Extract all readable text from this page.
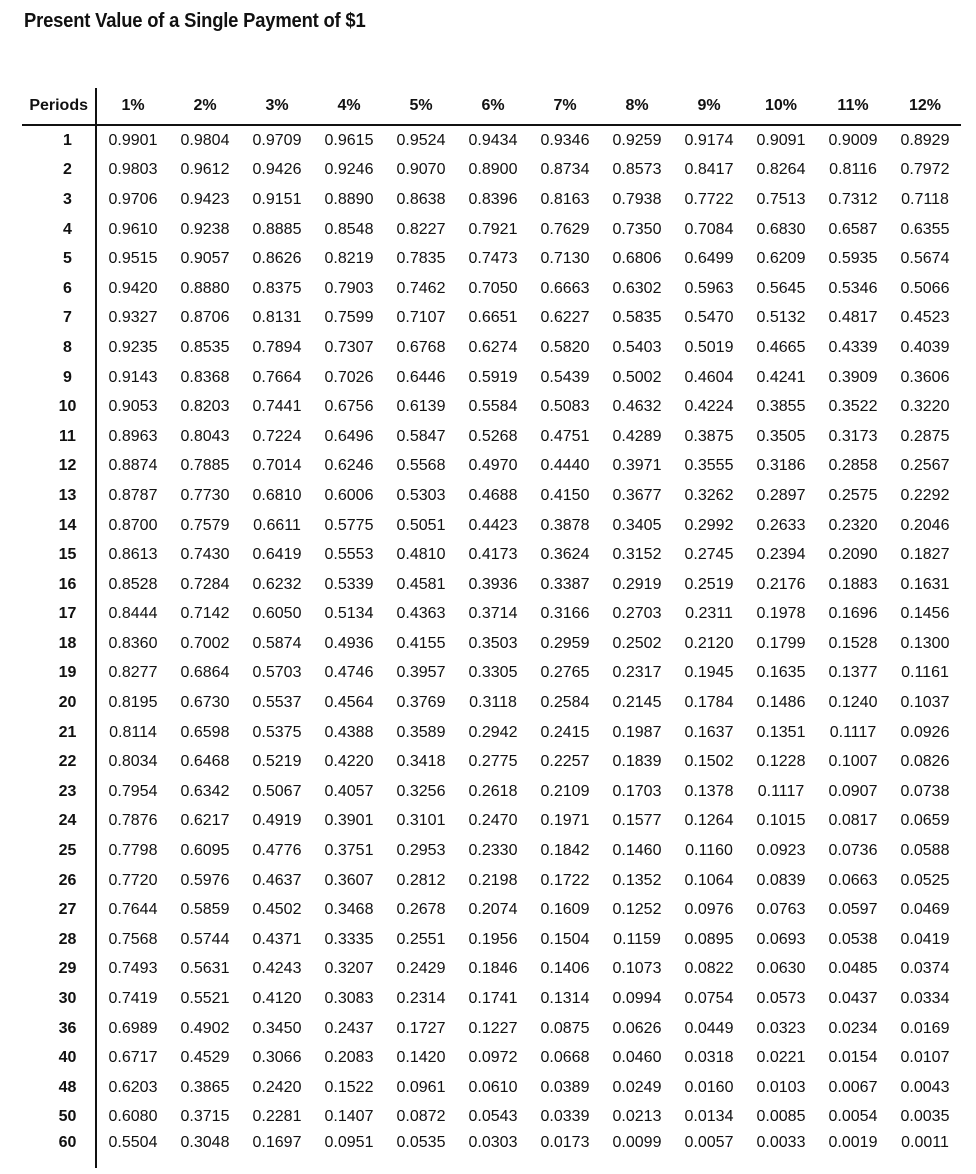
Present Value of a Single Payment of $1
Periods	1%	2%	3%	4%	5%	6%	7%	8%	9%	10%	11%	12%
1	0.9901	0.9804	0.9709	0.9615	0.9524	0.9434	0.9346	0.9259	0.9174	0.9091	0.9009	0.8929
2	0.9803	0.9612	0.9426	0.9246	0.9070	0.8900	0.8734	0.8573	0.8417	0.8264	0.8116	0.7972
3	0.9706	0.9423	0.9151	0.8890	0.8638	0.8396	0.8163	0.7938	0.7722	0.7513	0.7312	0.7118
4	0.9610	0.9238	0.8885	0.8548	0.8227	0.7921	0.7629	0.7350	0.7084	0.6830	0.6587	0.6355
5	0.9515	0.9057	0.8626	0.8219	0.7835	0.7473	0.7130	0.6806	0.6499	0.6209	0.5935	0.5674
6	0.9420	0.8880	0.8375	0.7903	0.7462	0.7050	0.6663	0.6302	0.5963	0.5645	0.5346	0.5066
7	0.9327	0.8706	0.8131	0.7599	0.7107	0.6651	0.6227	0.5835	0.5470	0.5132	0.4817	0.4523
8	0.9235	0.8535	0.7894	0.7307	0.6768	0.6274	0.5820	0.5403	0.5019	0.4665	0.4339	0.4039
9	0.9143	0.8368	0.7664	0.7026	0.6446	0.5919	0.5439	0.5002	0.4604	0.4241	0.3909	0.3606
10	0.9053	0.8203	0.7441	0.6756	0.6139	0.5584	0.5083	0.4632	0.4224	0.3855	0.3522	0.3220
11	0.8963	0.8043	0.7224	0.6496	0.5847	0.5268	0.4751	0.4289	0.3875	0.3505	0.3173	0.2875
12	0.8874	0.7885	0.7014	0.6246	0.5568	0.4970	0.4440	0.3971	0.3555	0.3186	0.2858	0.2567
13	0.8787	0.7730	0.6810	0.6006	0.5303	0.4688	0.4150	0.3677	0.3262	0.2897	0.2575	0.2292
14	0.8700	0.7579	0.6611	0.5775	0.5051	0.4423	0.3878	0.3405	0.2992	0.2633	0.2320	0.2046
15	0.8613	0.7430	0.6419	0.5553	0.4810	0.4173	0.3624	0.3152	0.2745	0.2394	0.2090	0.1827
16	0.8528	0.7284	0.6232	0.5339	0.4581	0.3936	0.3387	0.2919	0.2519	0.2176	0.1883	0.1631
17	0.8444	0.7142	0.6050	0.5134	0.4363	0.3714	0.3166	0.2703	0.2311	0.1978	0.1696	0.1456
18	0.8360	0.7002	0.5874	0.4936	0.4155	0.3503	0.2959	0.2502	0.2120	0.1799	0.1528	0.1300
19	0.8277	0.6864	0.5703	0.4746	0.3957	0.3305	0.2765	0.2317	0.1945	0.1635	0.1377	0.1161
20	0.8195	0.6730	0.5537	0.4564	0.3769	0.3118	0.2584	0.2145	0.1784	0.1486	0.1240	0.1037
21	0.8114	0.6598	0.5375	0.4388	0.3589	0.2942	0.2415	0.1987	0.1637	0.1351	0.1117	0.0926
22	0.8034	0.6468	0.5219	0.4220	0.3418	0.2775	0.2257	0.1839	0.1502	0.1228	0.1007	0.0826
23	0.7954	0.6342	0.5067	0.4057	0.3256	0.2618	0.2109	0.1703	0.1378	0.1117	0.0907	0.0738
24	0.7876	0.6217	0.4919	0.3901	0.3101	0.2470	0.1971	0.1577	0.1264	0.1015	0.0817	0.0659
25	0.7798	0.6095	0.4776	0.3751	0.2953	0.2330	0.1842	0.1460	0.1160	0.0923	0.0736	0.0588
26	0.7720	0.5976	0.4637	0.3607	0.2812	0.2198	0.1722	0.1352	0.1064	0.0839	0.0663	0.0525
27	0.7644	0.5859	0.4502	0.3468	0.2678	0.2074	0.1609	0.1252	0.0976	0.0763	0.0597	0.0469
28	0.7568	0.5744	0.4371	0.3335	0.2551	0.1956	0.1504	0.1159	0.0895	0.0693	0.0538	0.0419
29	0.7493	0.5631	0.4243	0.3207	0.2429	0.1846	0.1406	0.1073	0.0822	0.0630	0.0485	0.0374
30	0.7419	0.5521	0.4120	0.3083	0.2314	0.1741	0.1314	0.0994	0.0754	0.0573	0.0437	0.0334
36	0.6989	0.4902	0.3450	0.2437	0.1727	0.1227	0.0875	0.0626	0.0449	0.0323	0.0234	0.0169
40	0.6717	0.4529	0.3066	0.2083	0.1420	0.0972	0.0668	0.0460	0.0318	0.0221	0.0154	0.0107
48	0.6203	0.3865	0.2420	0.1522	0.0961	0.0610	0.0389	0.0249	0.0160	0.0103	0.0067	0.0043
50	0.6080	0.3715	0.2281	0.1407	0.0872	0.0543	0.0339	0.0213	0.0134	0.0085	0.0054	0.0035
60	0.5504	0.3048	0.1697	0.0951	0.0535	0.0303	0.0173	0.0099	0.0057	0.0033	0.0019	0.0011
